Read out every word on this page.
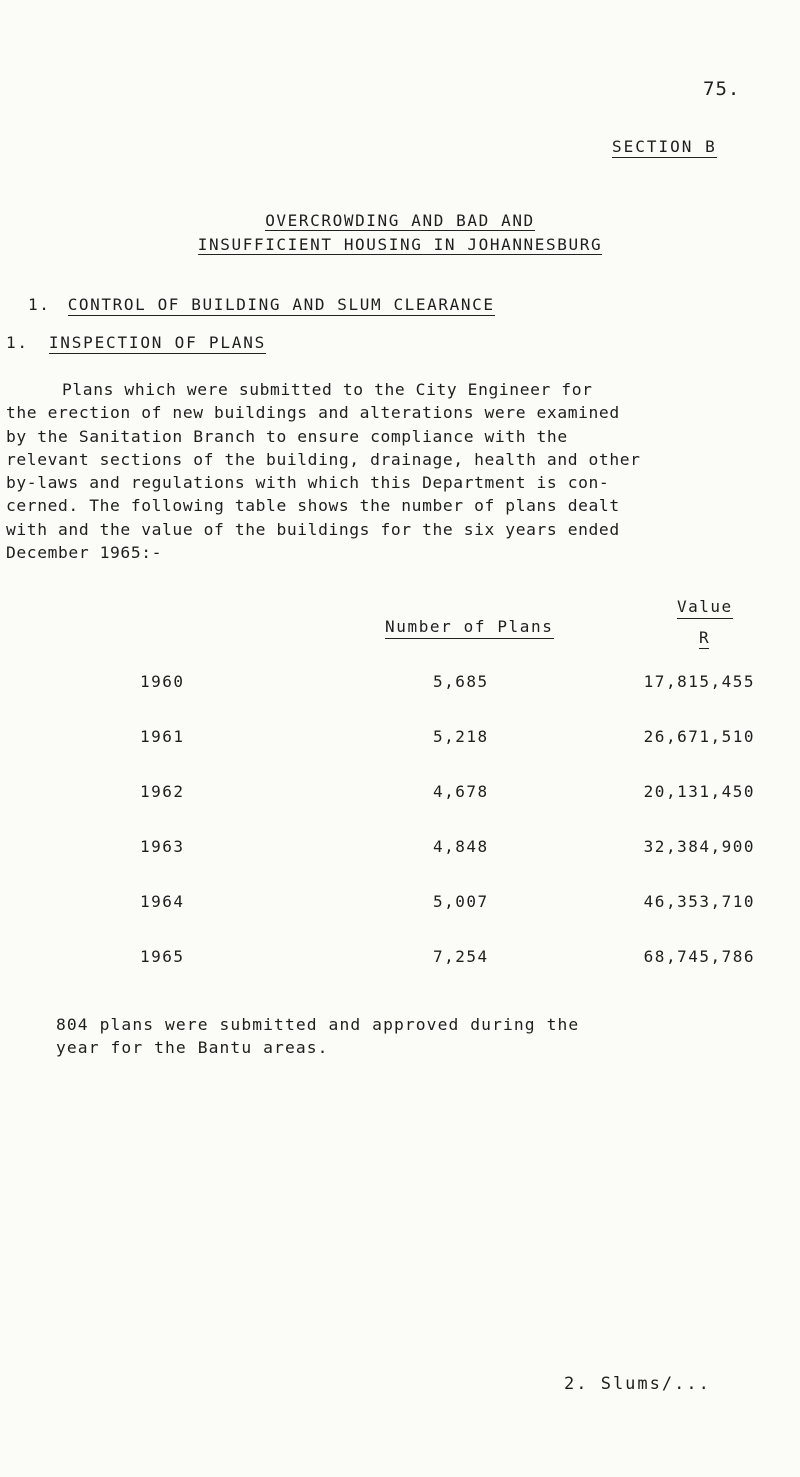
75.
SECTION B
OVERCROWDING AND BAD AND
INSUFFICIENT HOUSING IN JOHANNESBURG
1. CONTROL OF BUILDING AND SLUM CLEARANCE
1. INSPECTION OF PLANS
Plans which were submitted to the City Engineer for
the erection of new buildings and alterations were examined
by the Sanitation Branch to ensure compliance with the
relevant sections of the building, drainage, health and other
by-laws and regulations with which this Department is con-
cerned. The following table shows the number of plans dealt
with and the value of the buildings for the six years ended
December 1965:-
Number of Plans
Value
R
1960	5,685	17,815,455
1961	5,218	26,671,510
1962	4,678	20,131,450
1963	4,848	32,384,900
1964	5,007	46,353,710
1965	7,254	68,745,786
804 plans were submitted and approved during the
year for the Bantu areas.
2. Slums/...
